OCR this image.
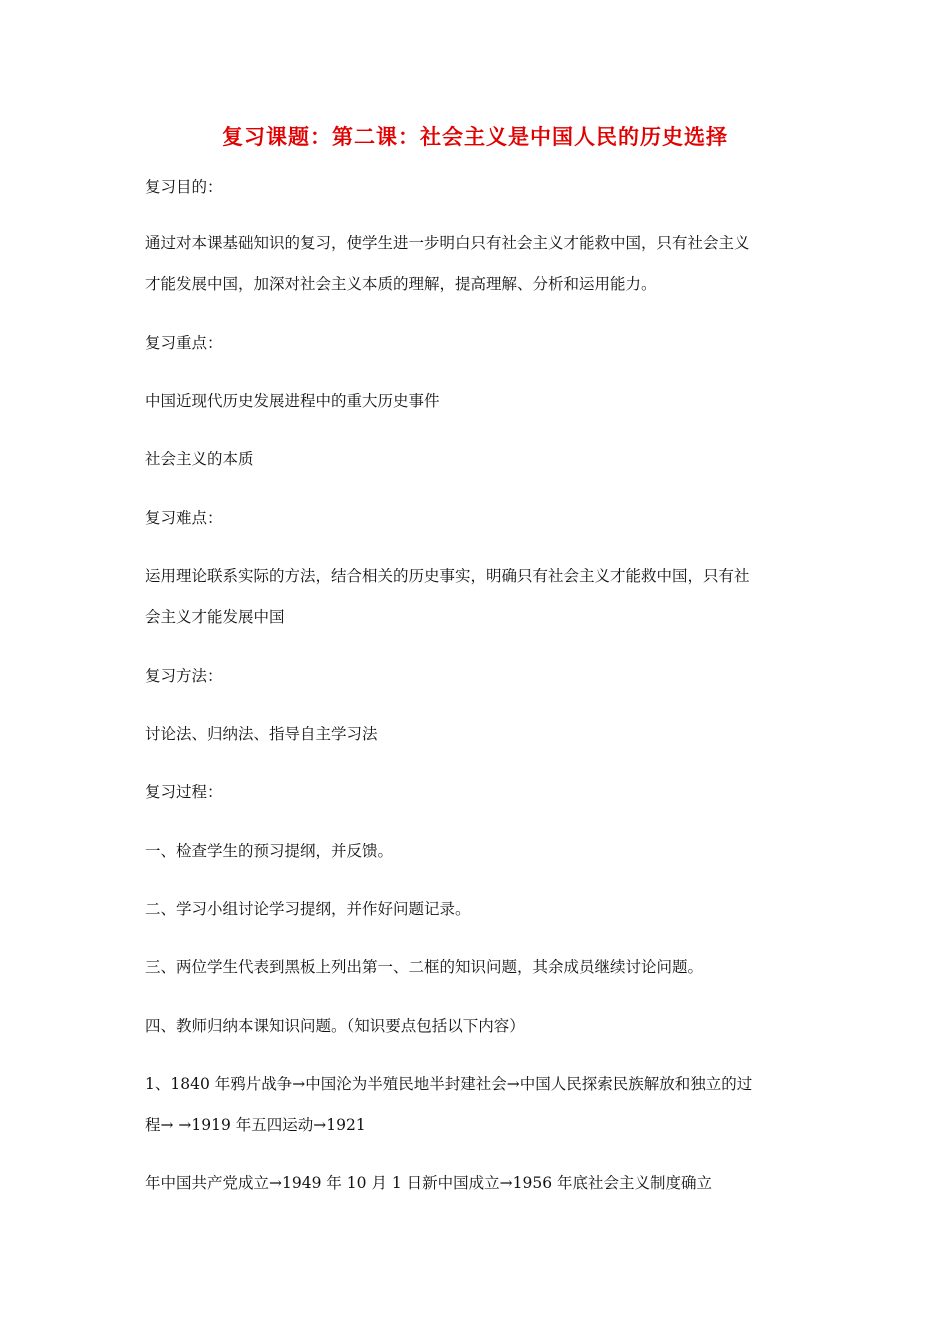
复习课题：第二课：社会主义是中国人民的历史选择

复习目的：

通过对本课基础知识的复习，使学生进一步明白只有社会主义才能救中国，只有社会主义

才能发展中国，加深对社会主义本质的理解，提高理解、分析和运用能力。

复习重点：

中国近现代历史发展进程中的重大历史事件

社会主义的本质

复习难点：

运用理论联系实际的方法，结合相关的历史事实，明确只有社会主义才能救中国，只有社

会主义才能发展中国

复习方法：

讨论法、归纳法、指导自主学习法

复习过程：

一、检查学生的预习提纲，并反馈。

二、学习小组讨论学习提纲，并作好问题记录。

三、两位学生代表到黑板上列出第一、二框的知识问题，其余成员继续讨论问题。

四、教师归纳本课知识问题。（知识要点包括以下内容）

1、1840 年鸦片战争→中国沦为半殖民地半封建社会→中国人民探索民族解放和独立的过

程→ →1919 年五四运动→1921

年中国共产党成立→1949 年 10 月 1 日新中国成立→1956 年底社会主义制度确立
